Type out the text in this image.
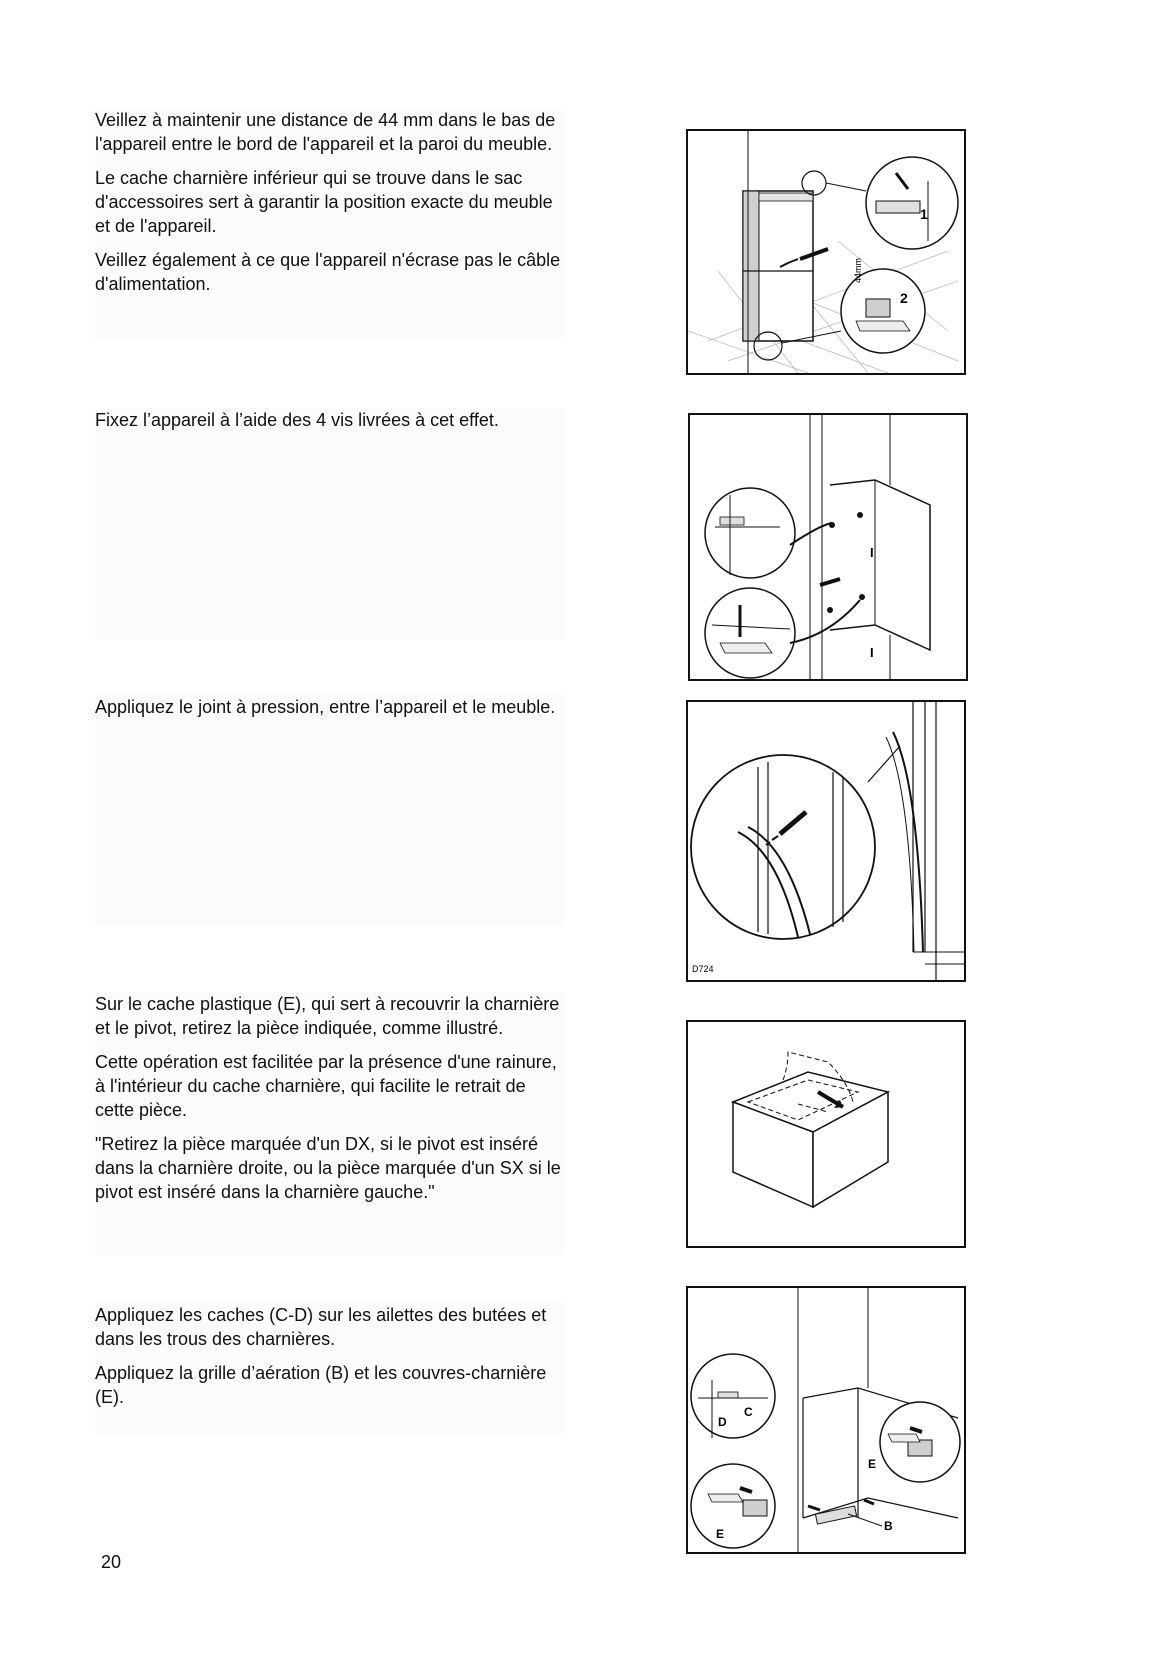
Veillez à maintenir une distance de 44 mm dans le bas de l'appareil entre le bord de l'appareil et la paroi du meuble.

Le cache charnière inférieur qui se trouve dans le sac d'accessoires sert à garantir la position exacte du meuble et de l'appareil.

Veillez également à ce que l'appareil n'écrase pas le câble d'alimentation.

Fixez l’appareil à l’aide des 4 vis livrées à cet effet.

Appliquez le joint à pression, entre l’appareil et le meuble.

Sur le cache plastique (E), qui sert à recouvrir la charnière et le pivot, retirez la pièce indiquée, comme illustré.

Cette opération est facilitée par la présence d'une rainure, à l'intérieur du cache charnière, qui facilite le retrait de cette pièce.

"Retirez la pièce marquée d'un DX, si le pivot est inséré dans la charnière droite, ou la pièce marquée d'un SX si le pivot est inséré dans la charnière gauche."

Appliquez les caches (C-D) sur les ailettes des butées et dans les trous des charnières.

Appliquez la grille d’aération (B) et les couvres-charnière (E).

1
44mm
2
I
I
D724
C
D
E
E
B
20
